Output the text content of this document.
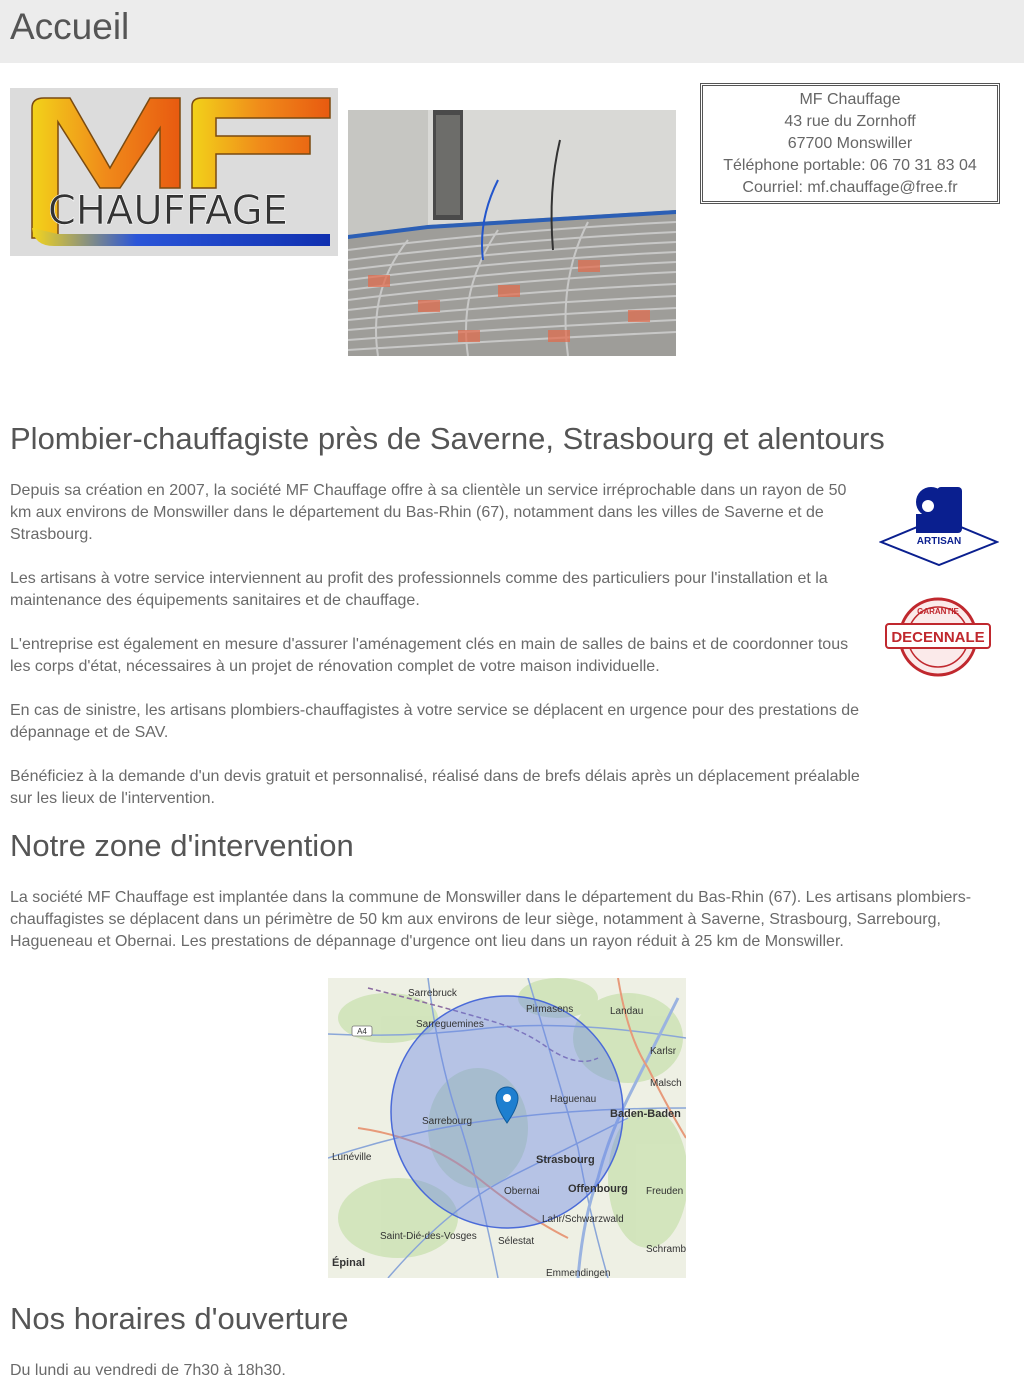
Accueil
CHAUFFAGE
MF Chauffage
43 rue du Zornhoff
67700 Monswiller
Téléphone portable: 06 70 31 83 04
Courriel: mf.chauffage@free.fr
Plombier-chauffagiste près de Saverne, Strasbourg et alentours

Depuis sa création en 2007, la société MF Chauffage offre à sa clientèle un service irréprochable dans un rayon de 50 km aux environs de Monswiller dans le département du Bas-Rhin (67), notamment dans les villes de Saverne et de Strasbourg.

Les artisans à votre service interviennent au profit des professionnels comme des particuliers pour l'installation et la maintenance des équipements sanitaires et de chauffage.

L'entreprise est également en mesure d'assurer l'aménagement clés en main de salles de bains et de coordonner tous les corps d'état, nécessaires à un projet de rénovation complet de votre maison individuelle.

En cas de sinistre, les artisans plombiers-chauffagistes à votre service se déplacent en urgence pour des prestations de dépannage et de SAV.

Bénéficiez à la demande d'un devis gratuit et personnalisé, réalisé dans de brefs délais après un déplacement préalable sur les lieux de l'intervention.

ARTISAN
GARANTIE
DECENNALE
Notre zone d'intervention

La société MF Chauffage est implantée dans la commune de Monswiller dans le département du Bas-Rhin (67). Les artisans plombiers-chauffagistes se déplacent dans un périmètre de 50 km aux environs de leur siège, notamment à Saverne, Strasbourg, Sarrebourg, Hagueneau et Obernai. Les prestations de dépannage d'urgence ont lieu dans un rayon réduit à 25 km de Monswiller.

A4
Sarrebruck
Pirmasens	Landau
Sarreguemines
Karlsr
Malsch
Haguenau
Baden-Baden
Sarrebourg
Lunéville	Strasbourg
Obernai	Offenbourg Freuden
Lahr/Schwarzwald
Saint-Dié-des-Vosges Sélestat
Schramb
Épinal
Emmendingen
Nos horaires d'ouverture

Du lundi au vendredi de 7h30 à 18h30.
